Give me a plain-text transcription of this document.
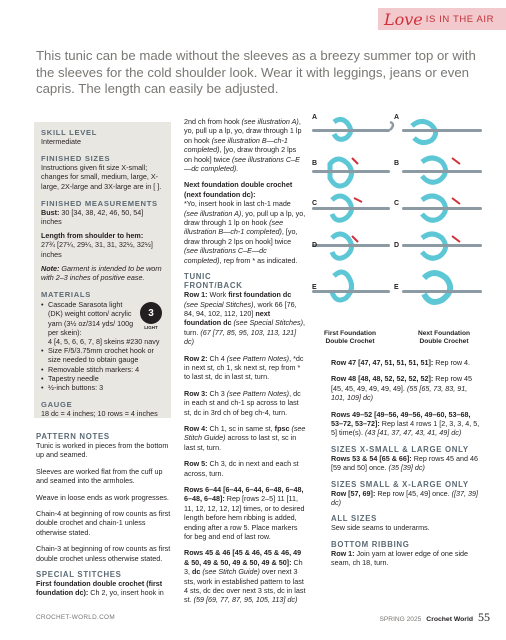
Love IS IN THE AIR

This tunic can be made without the sleeves as a breezy summer top or with the sleeves for the cold shoulder look. Wear it with leggings, jeans or even capris. The length can easily be adjusted.

SKILL LEVEL

Intermediate

FINISHED SIZES

Instructions given fit size X-small; changes for small, medium, large, X-large, 2X-large and 3X-large are in [ ].

FINISHED MEASUREMENTS

Bust: 30 [34, 38, 42, 46, 50, 54] inches

Length from shoulder to hem:

27¾ [27¼, 29¼, 31, 31, 32½, 32½] inches

Note: Garment is intended to be worn with 2–3 inches of positive ease.

MATERIALS
3
LIGHT
• Cascade Sarasota light (DK) weight cotton/ acrylic yarn (3½ oz/314 yds/ 100g per skein):

4 [4, 5, 6, 6, 7, 8] skeins #230 navy

• Size F/5/3.75mm crochet hook or size needed to obtain gauge
• Removable stitch markers: 4
• Tapestry needle
• ½-inch buttons: 3
GAUGE

18 dc = 4 inches; 10 rows = 4 inches

PATTERN NOTES

Tunic is worked in pieces from the bottom up and seamed.

Sleeves are worked flat from the cuff up and seamed into the armholes.

Weave in loose ends as work progresses.

Chain-4 at beginning of row counts as first double crochet and chain-1 unless otherwise stated.

Chain-3 at beginning of row counts as first double crochet unless otherwise stated.

SPECIAL STITCHES

First foundation double crochet (first foundation dc): Ch 2, yo, insert hook in

2nd ch from hook (see illustration A), yo, pull up a lp, yo, draw through 1 lp on hook (see illustration B—ch-1 completed), [yo, draw through 2 lps on hook] twice (see illustrations C–E—dc completed).

Next foundation double crochet (next foundation dc):
*Yo, insert hook in last ch-1 made (see illustration A), yo, pull up a lp, yo, draw through 1 lp on hook (see illustration B—ch-1 completed), [yo, draw through 2 lps on hook] twice (see illustrations C–E—dc completed), rep from * as indicated.

TUNIC
FRONT/BACK

Row 1: Work first foundation dc (see Special Stitches), work 66 [76, 84, 94, 102, 112, 120] next foundation dc (see Special Stitches), turn. (67 [77, 85, 95, 103, 113, 121] dc)

Row 2: Ch 4 (see Pattern Notes), *dc in next st, ch 1, sk next st, rep from * to last st, dc in last st, turn.

Row 3: Ch 3 (see Pattern Notes), dc in each st and ch-1 sp across to last st, dc in 3rd ch of beg ch-4, turn.

Row 4: Ch 1, sc in same st, fpsc (see Stitch Guide) across to last st, sc in last st, turn.

Row 5: Ch 3, dc in next and each st across, turn.

Rows 6–44 [6–44, 6–44, 6–48, 6–48, 6–48, 6–48]: Rep [rows 2–5] 11 [11, 11, 12, 12, 12, 12] times, or to desired length before hem ribbing is added, ending after a row 5. Place markers for beg and end of last row.

Rows 45 & 46 [45 & 46, 45 & 46, 49 & 50, 49 & 50, 49 & 50, 49 & 50]: Ch 3, dc (see Stitch Guide) over next 3 sts, work in established pattern to last 4 sts, dc dec over next 3 sts, dc in last st. (59 [69, 77, 87, 95, 105, 113] dc)

A
B
C
D
E
A
B
C
D
E
First Foundation Double Crochet
Next Foundation Double Crochet

Row 47 [47, 47, 51, 51, 51, 51]: Rep row 4.

Row 48 [48, 48, 52, 52, 52, 52]: Rep row 45 [45, 45, 49, 49, 49, 49]. (55 [65, 73, 83, 91, 101, 109] dc)

Rows 49–52 [49–56, 49–56, 49–60, 53–68, 53–72, 53–72]: Rep last 4 rows 1 [2, 3, 3, 4, 5, 5] time(s). (43 [41, 37, 47, 43, 41, 49] dc)

SIZES X-SMALL & LARGE ONLY

Rows 53 & 54 [65 & 66]: Rep rows 45 and 46 [59 and 50] once. (35 [39] dc)

SIZES SMALL & X-LARGE ONLY

Row [57, 69]: Rep row [45, 49] once. ([37, 39] dc)

ALL SIZES

Sew side seams to underarms.

BOTTOM RIBBING

Row 1: Join yarn at lower edge of one side seam, ch 18, turn.

CROCHET-WORLD.COM	SPRING 2025 Crochet World 55
